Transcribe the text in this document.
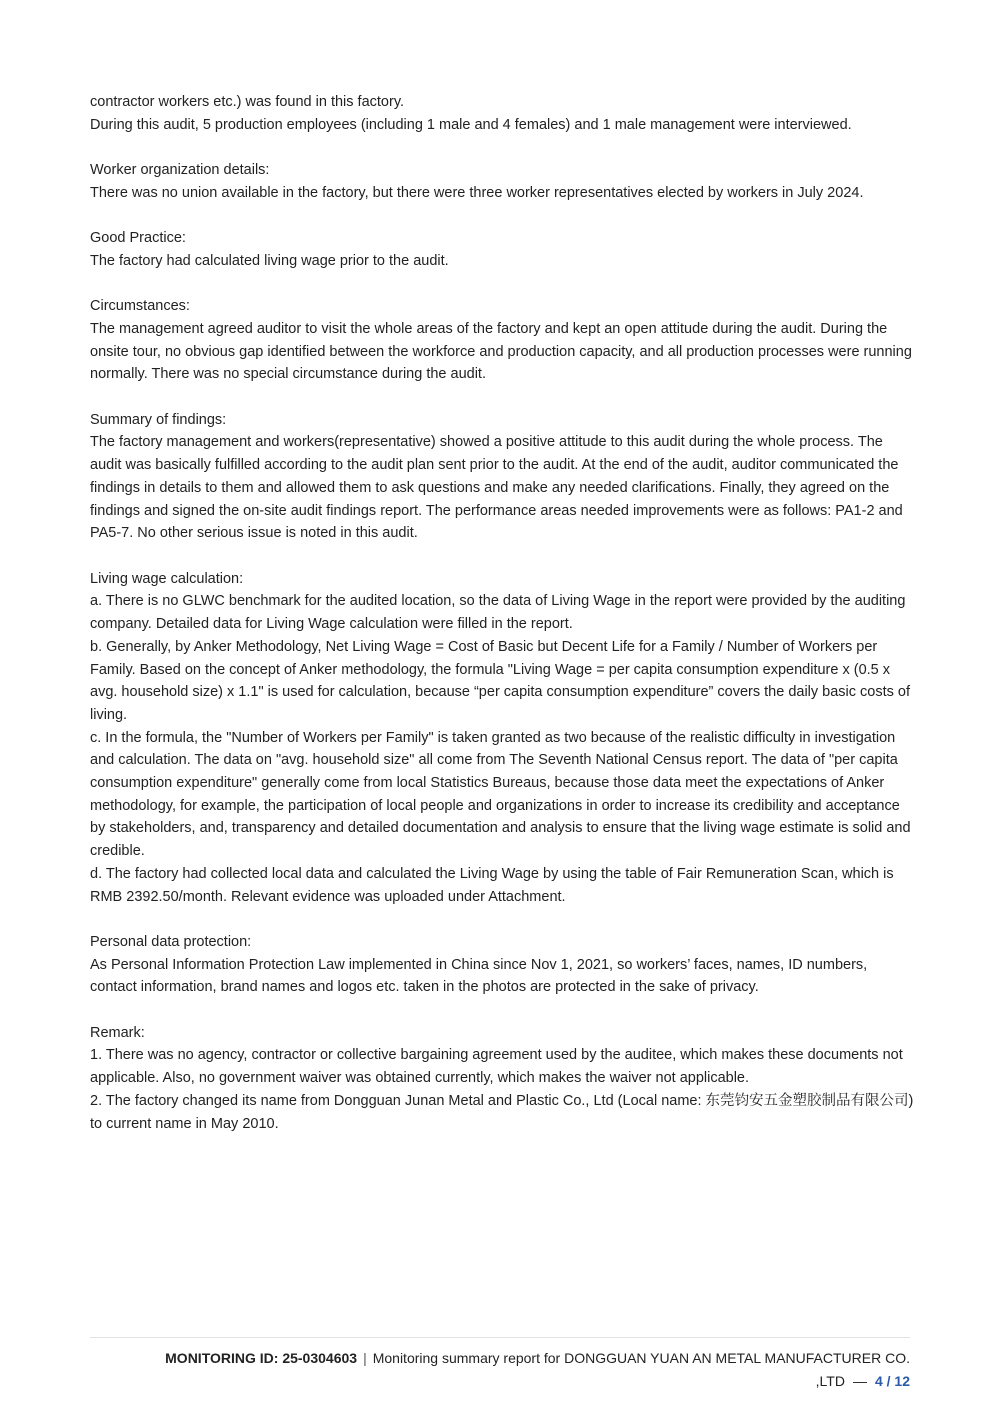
contractor workers etc.) was found in this factory.

During this audit, 5 production employees (including 1 male and 4 females) and 1 male management were interviewed.

Worker organization details:

There was no union available in the factory, but there were three worker representatives elected by workers in July 2024.

Good Practice:

The factory had calculated living wage prior to the audit.

Circumstances:

The management agreed auditor to visit the whole areas of the factory and kept an open attitude during the audit. During the onsite tour, no obvious gap identified between the workforce and production capacity, and all production processes were running normally. There was no special circumstance during the audit.

Summary of findings:

The factory management and workers(representative) showed a positive attitude to this audit during the whole process. The audit was basically fulfilled according to the audit plan sent prior to the audit. At the end of the audit, auditor communicated the findings in details to them and allowed them to ask questions and make any needed clarifications. Finally, they agreed on the findings and signed the on-site audit findings report. The performance areas needed improvements were as follows: PA1-2 and PA5-7. No other serious issue is noted in this audit.

Living wage calculation:

a. There is no GLWC benchmark for the audited location, so the data of Living Wage in the report were provided by the auditing company. Detailed data for Living Wage calculation were filled in the report.

b. Generally, by Anker Methodology, Net Living Wage = Cost of Basic but Decent Life for a Family / Number of Workers per Family. Based on the concept of Anker methodology, the formula "Living Wage = per capita consumption expenditure x (0.5 x avg. household size) x 1.1" is used for calculation, because “per capita consumption expenditure” covers the daily basic costs of living.

c. In the formula, the "Number of Workers per Family" is taken granted as two because of the realistic difficulty in investigation and calculation. The data on "avg. household size" all come from The Seventh National Census report. The data of "per capita consumption expenditure" generally come from local Statistics Bureaus, because those data meet the expectations of Anker methodology, for example, the participation of local people and organizations in order to increase its credibility and acceptance by stakeholders, and, transparency and detailed documentation and analysis to ensure that the living wage estimate is solid and credible.

d. The factory had collected local data and calculated the Living Wage by using the table of Fair Remuneration Scan, which is RMB 2392.50/month. Relevant evidence was uploaded under Attachment.

Personal data protection:

As Personal Information Protection Law implemented in China since Nov 1, 2021, so workers’ faces, names, ID numbers, contact information, brand names and logos etc. taken in the photos are protected in the sake of privacy.

Remark:

1. There was no agency, contractor or collective bargaining agreement used by the auditee, which makes these documents not applicable. Also, no government waiver was obtained currently, which makes the waiver not applicable.

2. The factory changed its name from Dongguan Junan Metal and Plastic Co., Ltd (Local name: 东莞钧安五金塑胶制品有限公司) to current name in May 2010.

MONITORING ID: 25-0304603 | Monitoring summary report for DONGGUAN YUAN AN METAL MANUFACTURER CO.
,LTD — 4 / 12
